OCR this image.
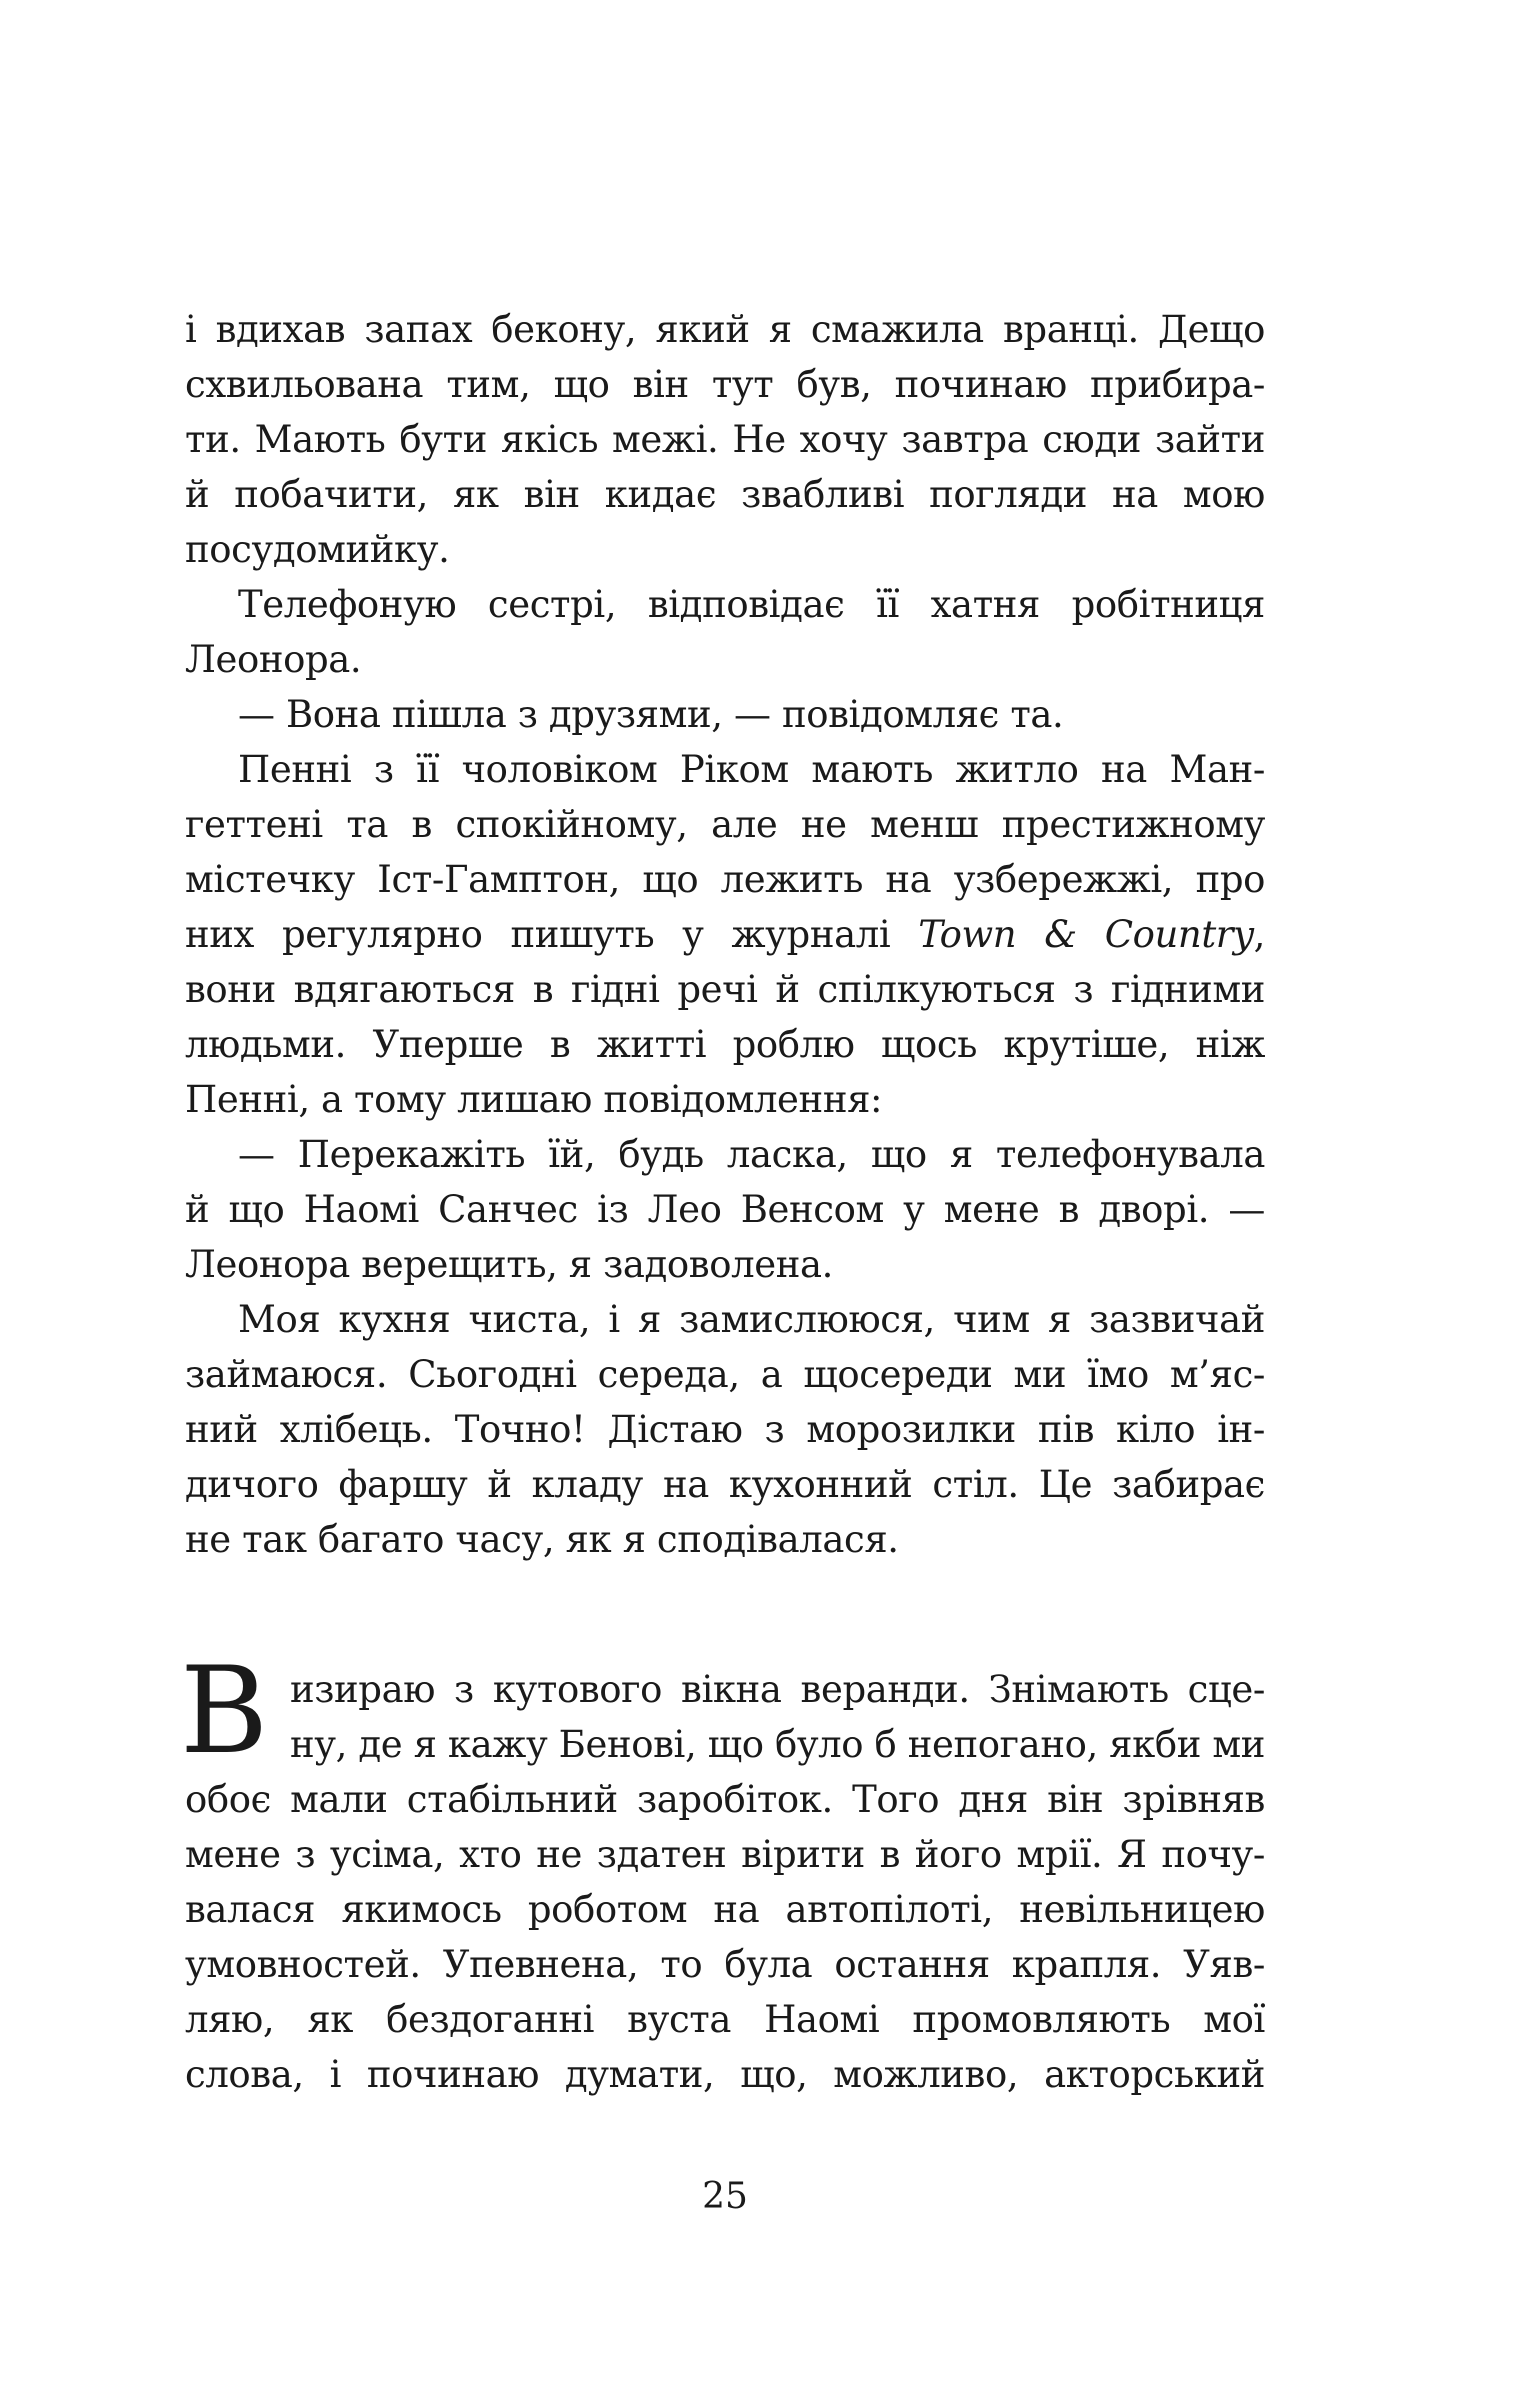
і вдихав запах бекону, який я смажила вранці. Дещо
схвильована тим, що він тут був, починаю прибира-
ти. Мають бути якісь межі. Не хочу завтра сюди зайти
й побачити, як він кидає звабливі погляди на мою
посудомийку.
Телефоную сестрі, відповідає її хатня робітниця
Леонора.
— Вона пішла з друзями, — повідомляє та.
Пенні з її чоловіком Ріком мають житло на Ман-
геттені та в спокійному, але не менш престижному
містечку Іст-Гамптон, що лежить на узбережжі, про
них регулярно пишуть у журналі Town & Country,
вони вдягаються в гідні речі й спілкуються з гідними
людьми. Уперше в житті роблю щось крутіше, ніж
Пенні, а тому лишаю повідомлення:
— Перекажіть їй, будь ласка, що я телефонувала
й що Наомі Санчес із Лео Венсом у мене в дворі. —
Леонора верещить, я задоволена.
Моя кухня чиста, і я замислююся, чим я зазвичай
займаюся. Сьогодні середа, а щосереди ми їмо м’яс-
ний хлібець. Точно! Дістаю з морозилки пів кіло ін-
дичого фаршу й кладу на кухонний стіл. Це забирає
не так багато часу, як я сподівалася.
В изираю з кутового вікна веранди. Знімають сце-
ну, де я кажу Бенові, що було б непогано, якби ми
обоє мали стабільний заробіток. Того дня він зрівняв
мене з усіма, хто не здатен вірити в його мрії. Я почу-
валася якимось роботом на автопілоті, невільницею
умовностей. Упевнена, то була остання крапля. Уяв-
ляю, як бездоганні вуста Наомі промовляють мої
слова, і починаю думати, що, можливо, акторський
25
